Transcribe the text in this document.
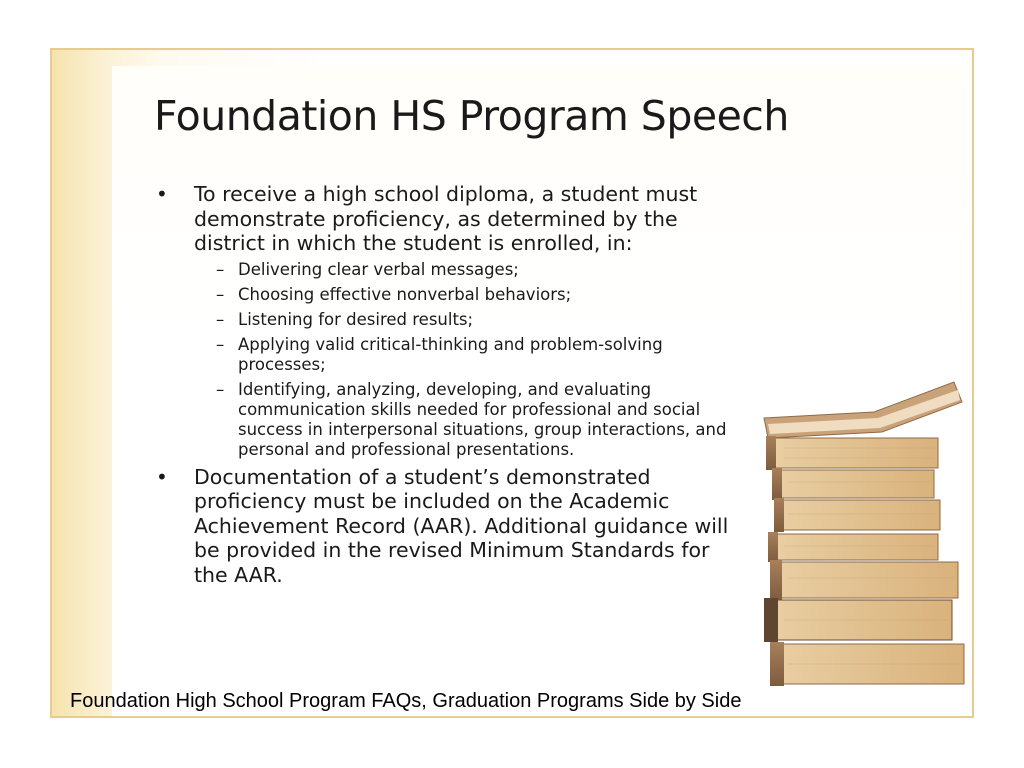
Foundation HS Program Speech
•	To receive a high school diploma, a student must demonstrate proficiency, as determined by the district in which the student is enrolled, in:
– Delivering clear verbal messages;
– Choosing effective nonverbal behaviors;
– Listening for desired results;
– Applying valid critical-thinking and problem-solving processes;
– Identifying, analyzing, developing, and evaluating communication skills needed for professional and social success in interpersonal situations, group interactions, and personal and professional presentations.
•	Documentation of a student’s demonstrated proficiency must be included on the Academic Achievement Record (AAR). Additional guidance will be provided in the revised Minimum Standards for the AAR.
Foundation High School Program FAQs, Graduation Programs Side by Side
